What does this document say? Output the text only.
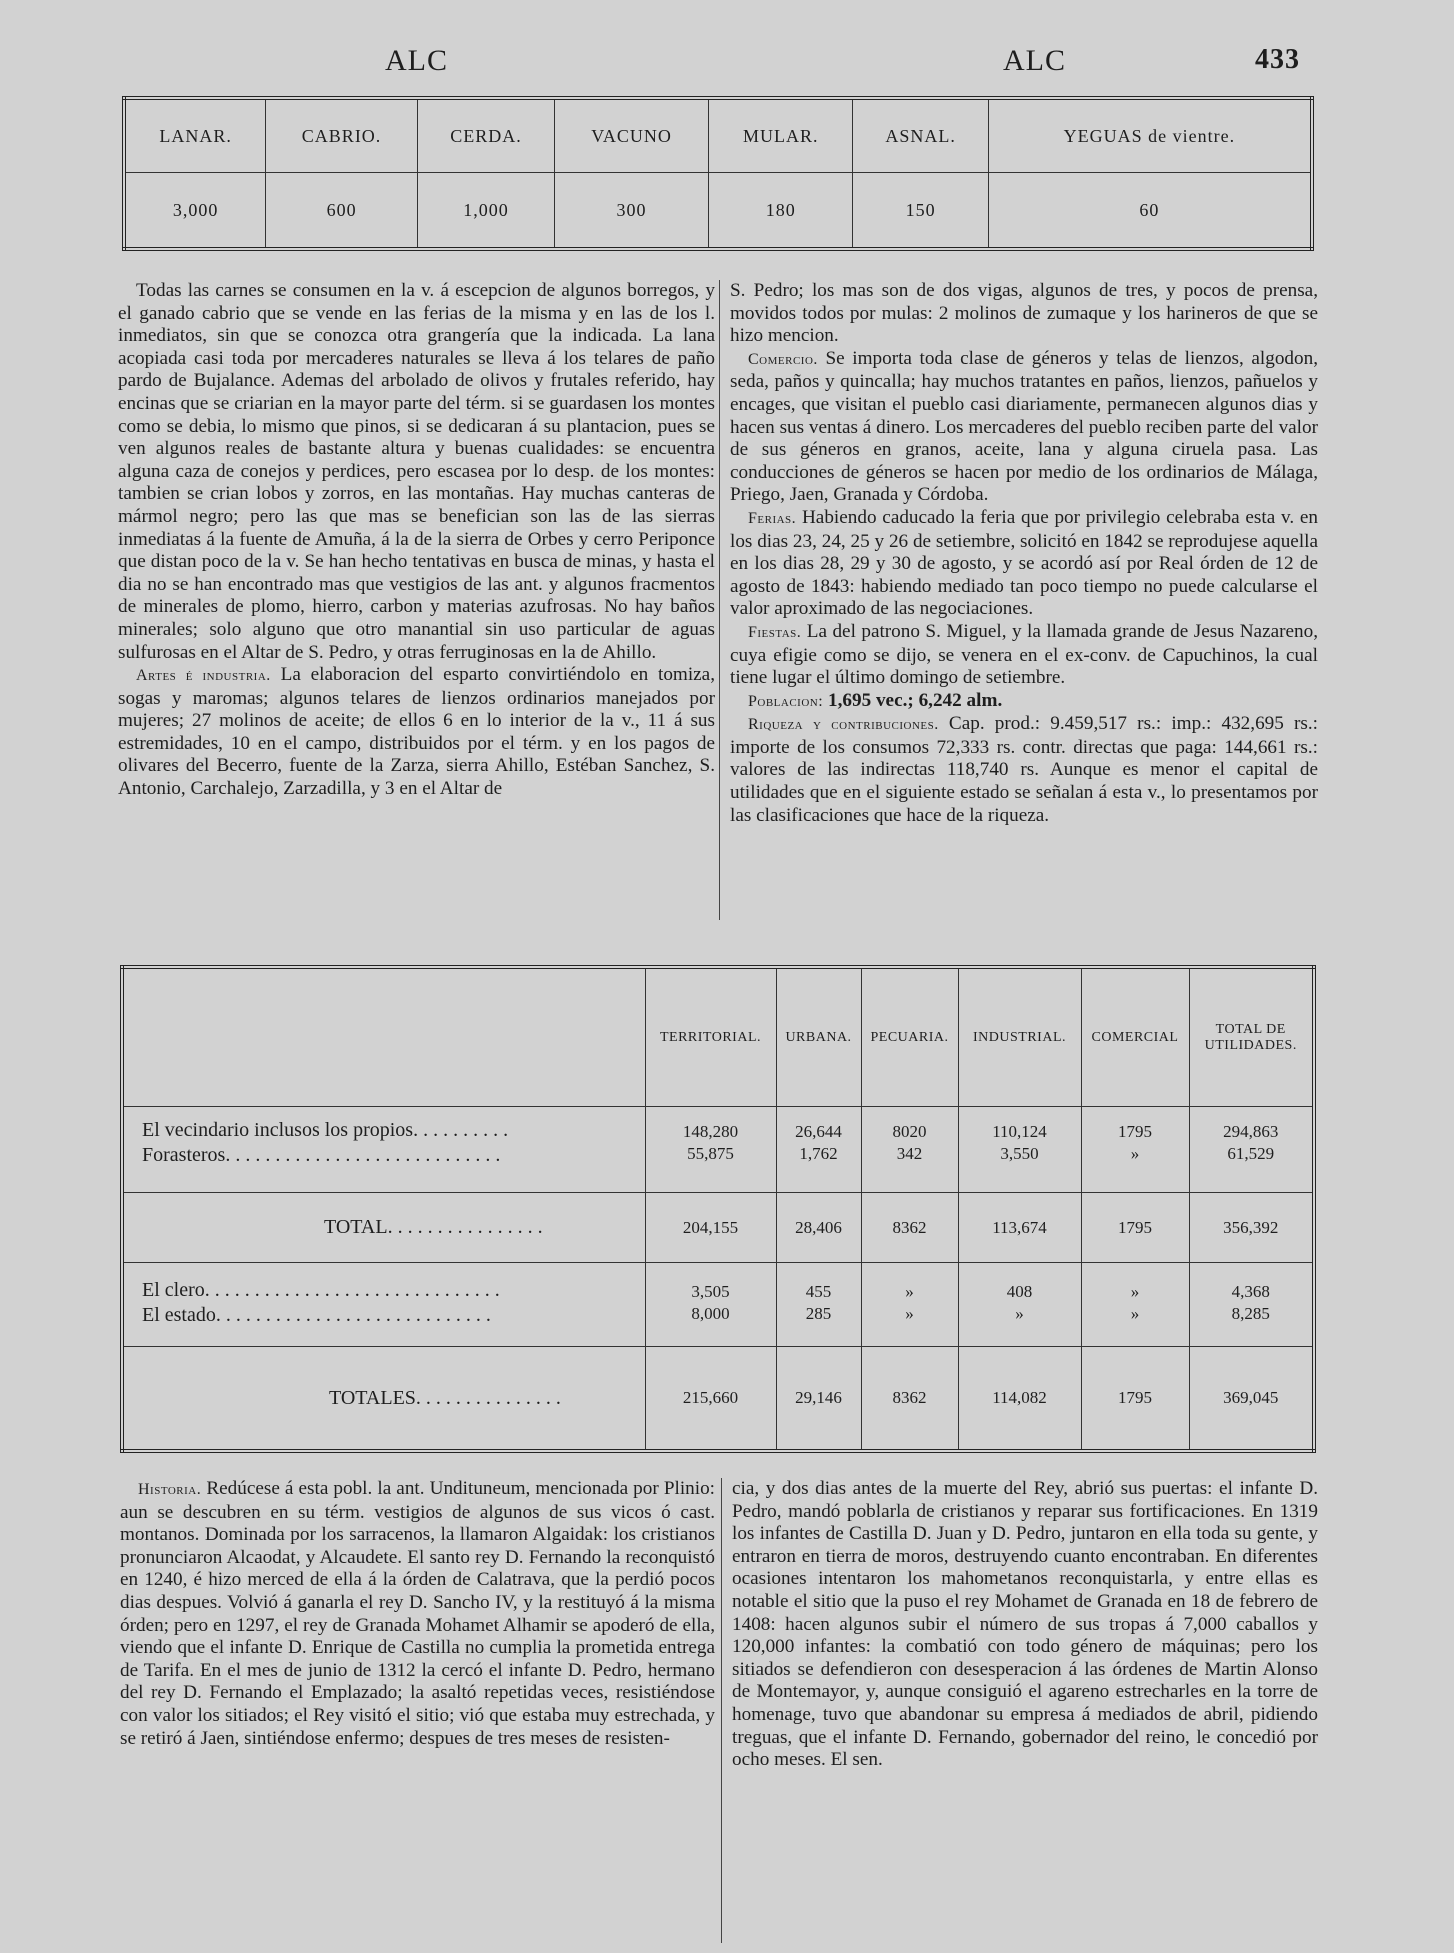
ALC	ALC	433
LANAR.	CABRIO.	CERDA.	VACUNO	MULAR.	ASNAL.	YEGUAS de vientre.
3,000	600	1,000	300	180	150	60

Todas las carnes se consumen en la v. á escepcion de algunos borregos, y el ganado cabrio que se vende en las ferias de la misma y en las de los l. inmediatos, sin que se conozca otra grangería que la indicada. La lana acopiada casi toda por mercaderes naturales se lleva á los telares de paño pardo de Bujalance. Ademas del arbolado de olivos y frutales referido, hay encinas que se criarian en la mayor parte del térm. si se guardasen los montes como se debia, lo mismo que pinos, si se dedicaran á su plantacion, pues se ven algunos reales de bastante altura y buenas cualidades: se encuentra alguna caza de conejos y perdices, pero escasea por lo desp. de los montes: tambien se crian lobos y zorros, en las montañas. Hay muchas canteras de mármol negro; pero las que mas se benefician son las de las sierras inmediatas á la fuente de Amuña, á la de la sierra de Orbes y cerro Periponce que distan poco de la v. Se han hecho tentativas en busca de minas, y hasta el dia no se han encontrado mas que vestigios de las ant. y algunos fracmentos de minerales de plomo, hierro, carbon y materias azufrosas. No hay baños minerales; solo alguno que otro manantial sin uso particular de aguas sulfurosas en el Altar de S. Pedro, y otras ferruginosas en la de Ahillo.

Artes é industria. La elaboracion del esparto convirtiéndolo en tomiza, sogas y maromas; algunos telares de lienzos ordinarios manejados por mujeres; 27 molinos de aceite; de ellos 6 en lo interior de la v., 11 á sus estremidades, 10 en el campo, distribuidos por el térm. y en los pagos de olivares del Becerro, fuente de la Zarza, sierra Ahillo, Estéban Sanchez, S. Antonio, Carchalejo, Zarzadilla, y 3 en el Altar de

S. Pedro; los mas son de dos vigas, algunos de tres, y pocos de prensa, movidos todos por mulas: 2 molinos de zumaque y los harineros de que se hizo mencion.

Comercio. Se importa toda clase de géneros y telas de lienzos, algodon, seda, paños y quincalla; hay muchos tratantes en paños, lienzos, pañuelos y encages, que visitan el pueblo casi diariamente, permanecen algunos dias y hacen sus ventas á dinero. Los mercaderes del pueblo reciben parte del valor de sus géneros en granos, aceite, lana y alguna ciruela pasa. Las conducciones de géneros se hacen por medio de los ordinarios de Málaga, Priego, Jaen, Granada y Córdoba.

Ferias. Habiendo caducado la feria que por privilegio celebraba esta v. en los dias 23, 24, 25 y 26 de setiembre, solicitó en 1842 se reprodujese aquella en los dias 28, 29 y 30 de agosto, y se acordó así por Real órden de 12 de agosto de 1843: habiendo mediado tan poco tiempo no puede calcularse el valor aproximado de las negociaciones.

Fiestas. La del patrono S. Miguel, y la llamada grande de Jesus Nazareno, cuya efigie como se dijo, se venera en el ex-conv. de Capuchinos, la cual tiene lugar el último domingo de setiembre.

Poblacion: 1,695 vec.; 6,242 alm.

Riqueza y contribuciones. Cap. prod.: 9.459,517 rs.: imp.: 432,695 rs.: importe de los consumos 72,333 rs. contr. directas que paga: 144,661 rs.: valores de las indirectas 118,740 rs. Aunque es menor el capital de utilidades que en el siguiente estado se señalan á esta v., lo presentamos por las clasificaciones que hace de la riqueza.

	TERRITORIAL.	URBANA.	PECUARIA.	INDUSTRIAL.	COMERCIAL	TOTAL DE UTILIDADES.
El vecindario inclusos los propios. . . . . . . . . .	148,280	26,644	8020	110,124	1795	294,863
Forasteros. . . . . . . . . . . . . . . . . . . . . . . . . . . .	55,875	1,762	342	3,550	»	61,529
TOTAL. . . . . . . . . . . . . . . .	204,155	28,406	8362	113,674	1795	356,392
El clero. . . . . . . . . . . . . . . . . . . . . . . . . . . . . .	3,505	455	»	408	»	4,368
El estado. . . . . . . . . . . . . . . . . . . . . . . . . . . .	8,000	285	»	»	»	8,285
TOTALES. . . . . . . . . . . . . . .	215,660	29,146	8362	114,082	1795	369,045

Historia. Redúcese á esta pobl. la ant. Undituneum, mencionada por Plinio: aun se descubren en su térm. vestigios de algunos de sus vicos ó cast. montanos. Dominada por los sarracenos, la llamaron Algaidak: los cristianos pronunciaron Alcaodat, y Alcaudete. El santo rey D. Fernando la reconquistó en 1240, é hizo merced de ella á la órden de Calatrava, que la perdió pocos dias despues. Volvió á ganarla el rey D. Sancho IV, y la restituyó á la misma órden; pero en 1297, el rey de Granada Mohamet Alhamir se apoderó de ella, viendo que el infante D. Enrique de Castilla no cumplia la prometida entrega de Tarifa. En el mes de junio de 1312 la cercó el infante D. Pedro, hermano del rey D. Fernando el Emplazado; la asaltó repetidas veces, resistiéndose con valor los sitiados; el Rey visitó el sitio; vió que estaba muy estrechada, y se retiró á Jaen, sintiéndose enfermo; despues de tres meses de resisten-

cia, y dos dias antes de la muerte del Rey, abrió sus puertas: el infante D. Pedro, mandó poblarla de cristianos y reparar sus fortificaciones. En 1319 los infantes de Castilla D. Juan y D. Pedro, juntaron en ella toda su gente, y entraron en tierra de moros, destruyendo cuanto encontraban. En diferentes ocasiones intentaron los mahometanos reconquistarla, y entre ellas es notable el sitio que la puso el rey Mohamet de Granada en 18 de febrero de 1408: hacen algunos subir el número de sus tropas á 7,000 caballos y 120,000 infantes: la combatió con todo género de máquinas; pero los sitiados se defendieron con desesperacion á las órdenes de Martin Alonso de Montemayor, y, aunque consiguió el agareno estrecharles en la torre de homenage, tuvo que abandonar su empresa á mediados de abril, pidiendo treguas, que el infante D. Fernando, gobernador del reino, le concedió por ocho meses. El sen.
